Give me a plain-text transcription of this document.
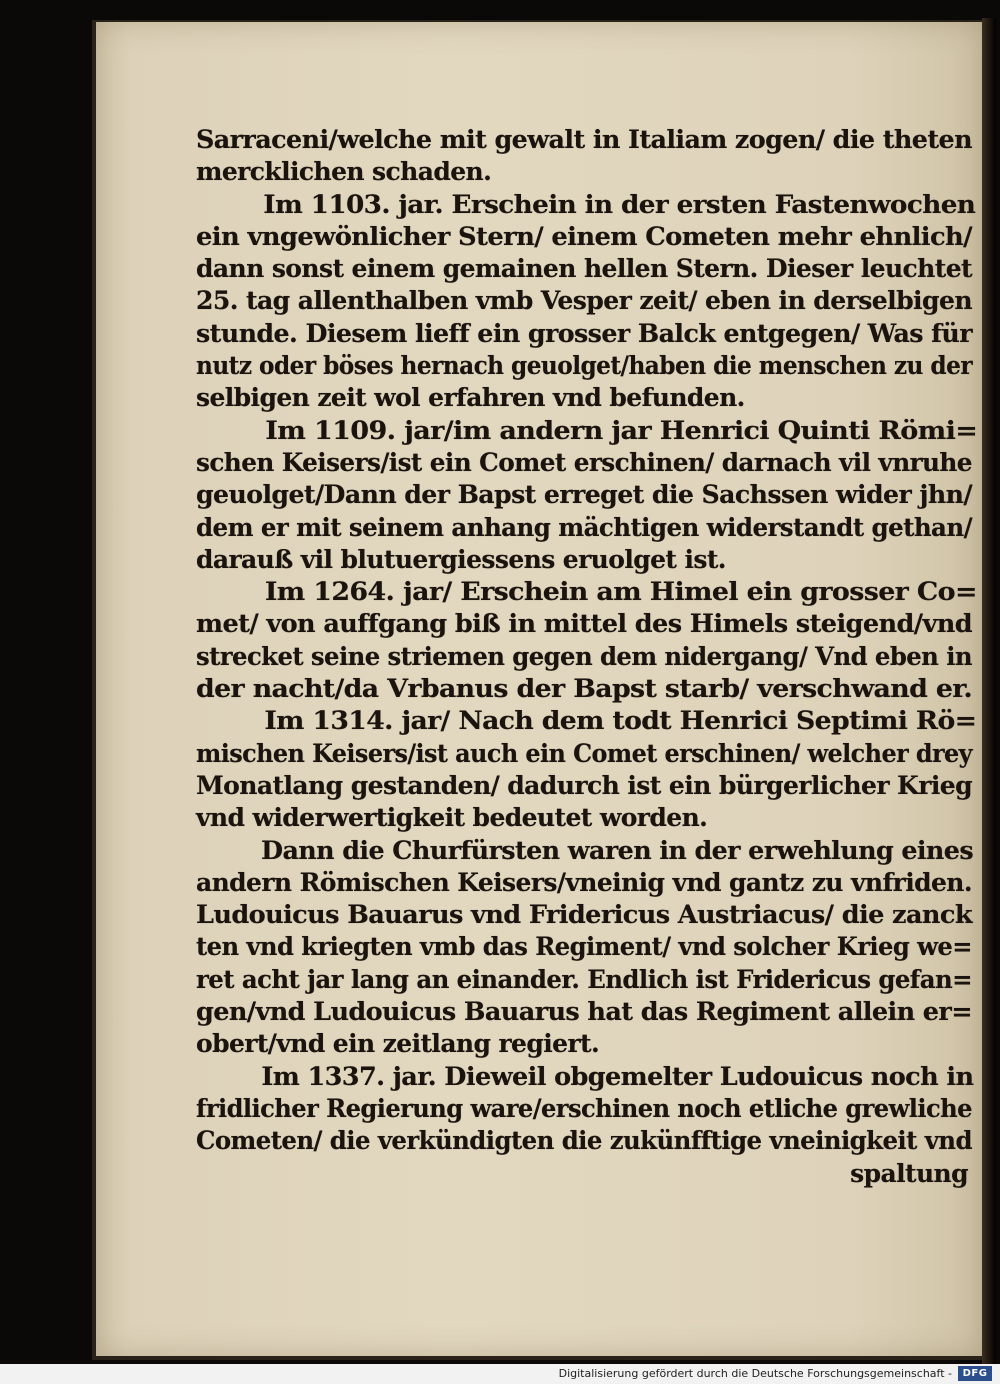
Sarraceni/welche mit gewalt in Italiam zogen/ die theten
mercklichen schaden.
Im 1103. jar. Erschein in der ersten Fastenwochen
ein vngewönlicher Stern/ einem Cometen mehr ehnlich/
dann sonst einem gemainen hellen Stern. Dieser leuchtet
25. tag allenthalben vmb Vesper zeit/ eben in derselbigen
stunde. Diesem lieff ein grosser Balck entgegen/ Was für
nutz oder böses hernach geuolget/haben die menschen zu der
selbigen zeit wol erfahren vnd befunden.
Im 1109. jar/im andern jar Henrici Quinti Römi=
schen Keisers/ist ein Comet erschinen/ darnach vil vnruhe
geuolget/Dann der Bapst erreget die Sachssen wider jhn/
dem er mit seinem anhang mächtigen widerstandt gethan/
darauß vil blutuergiessens eruolget ist.
Im 1264. jar/ Erschein am Himel ein grosser Co=
met/ von auffgang biß in mittel des Himels steigend/vnd
strecket seine striemen gegen dem nidergang/ Vnd eben in
der nacht/da Vrbanus der Bapst starb/ verschwand er.
Im 1314. jar/ Nach dem todt Henrici Septimi Rö=
mischen Keisers/ist auch ein Comet erschinen/ welcher drey
Monatlang gestanden/ dadurch ist ein bürgerlicher Krieg
vnd widerwertigkeit bedeutet worden.
Dann die Churfürsten waren in der erwehlung eines
andern Römischen Keisers/vneinig vnd gantz zu vnfriden.
Ludouicus Bauarus vnd Fridericus Austriacus/ die zanck
ten vnd kriegten vmb das Regiment/ vnd solcher Krieg we=
ret acht jar lang an einander. Endlich ist Fridericus gefan=
gen/vnd Ludouicus Bauarus hat das Regiment allein er=
obert/vnd ein zeitlang regiert.
Im 1337. jar. Dieweil obgemelter Ludouicus noch in
fridlicher Regierung ware/erschinen noch etliche grewliche
Cometen/ die verkündigten die zukünfftige vneinigkeit vnd
spaltung
Digitalisierung gefördert durch die Deutsche Forschungsgemeinschaft -	DFG
